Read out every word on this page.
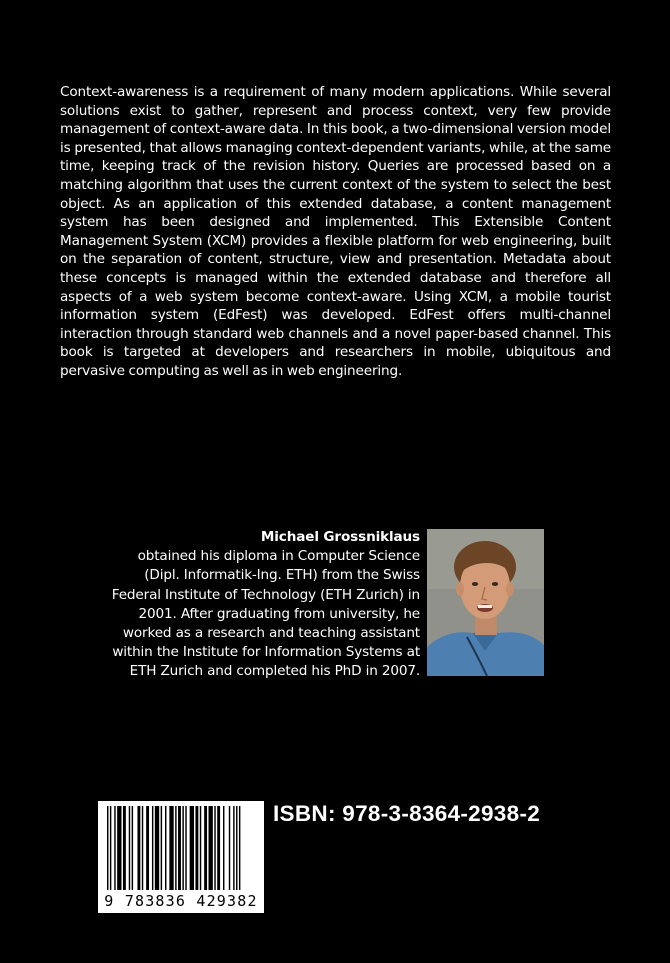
Context-awareness is a requirement of many modern applications. While several solutions exist to gather, represent and process context, very few provide management of context-aware data. In this book, a two-dimensional version model is presented, that allows managing context-dependent variants, while, at the same time, keeping track of the revision history. Queries are processed based on a matching algorithm that uses the current context of the system to select the best object. As an application of this extended database, a content management system has been designed and implemented. This Extensible Content Management System (XCM) provides a flexible platform for web engineering, built on the separation of content, structure, view and presentation. Metadata about these concepts is managed within the extended database and therefore all aspects of a web system become context-aware. Using XCM, a mobile tourist information system (EdFest) was developed. EdFest offers multi-channel interaction through standard web channels and a novel paper-based channel. This book is targeted at developers and researchers in mobile, ubiquitous and pervasive computing as well as in web engineering.

Michael Grossniklaus
obtained his diploma in Computer Science (Dipl. Informatik-Ing. ETH) from the Swiss Federal Institute of Technology (ETH Zurich) in 2001. After graduating from university, he worked as a research and teaching assistant within the Institute for Information Systems at ETH Zurich and completed his PhD in 2007.
9 783836 429382
ISBN: 978-3-8364-2938-2
